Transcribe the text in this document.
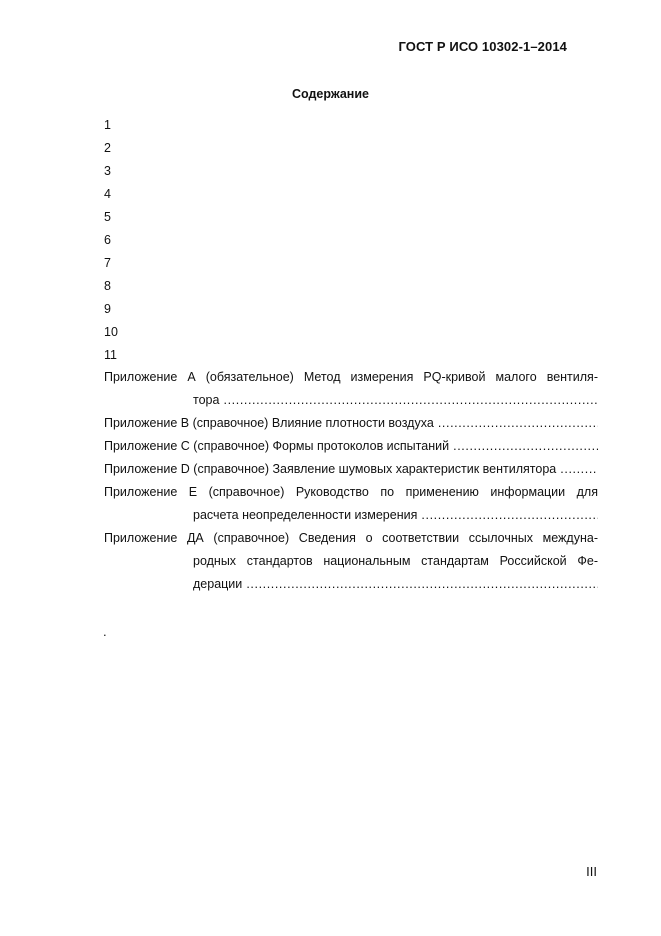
ГОСТ Р ИСО 10302-1–2014
Содержание
1
2
3
4
5
6
7
8
9
10
11
Приложение А (обязательное) Метод измерения PQ-кривой малого вентиля-
тора .....
Приложение В (справочное) Влияние плотности воздуха .....
Приложение С (справочное) Формы протоколов испытаний .....
Приложение D (справочное) Заявление шумовых характеристик вентилятора .....
Приложение Е (справочное) Руководство по применению информации для
расчета неопределенности измерения .....
Приложение ДА (справочное) Сведения о соответствии ссылочных междуна-
родных стандартов национальным стандартам Российской Фе-
дерации .....
.
III
